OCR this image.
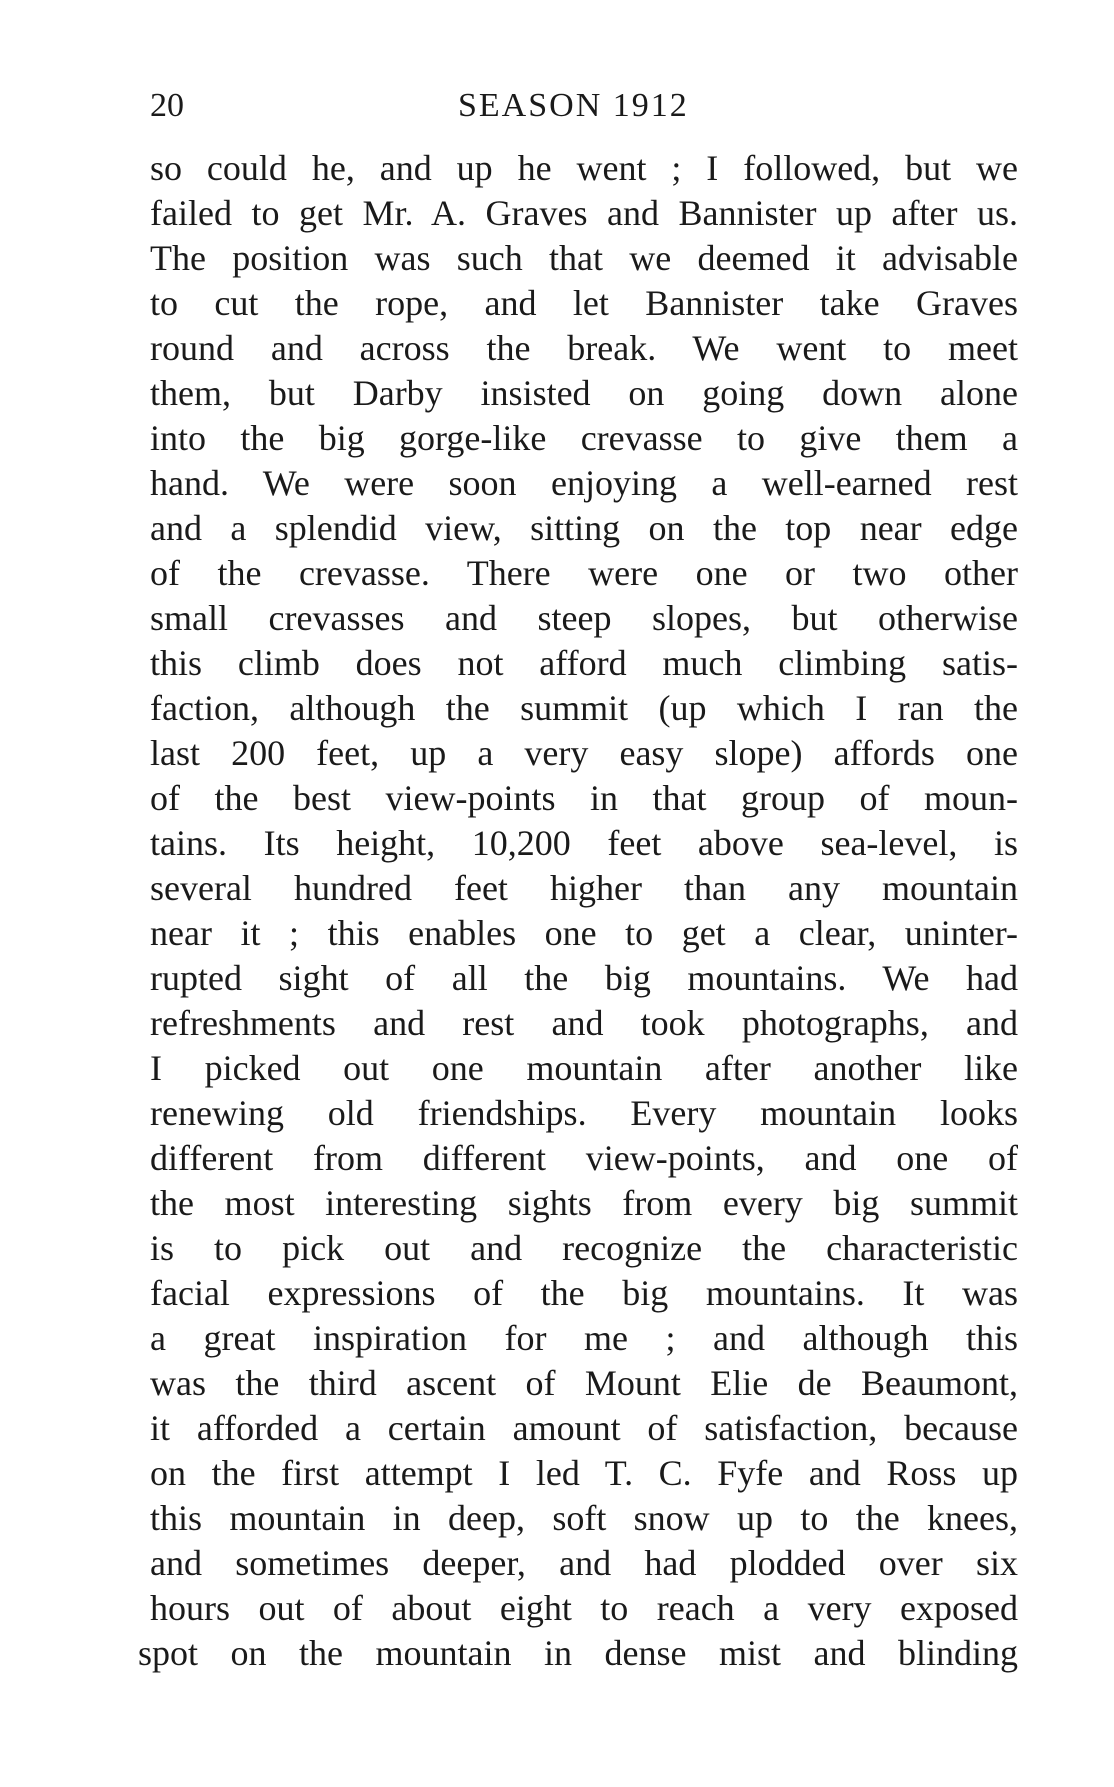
20	SEASON 1912
so could he, and up he went ; I followed, but we
failed to get Mr. A. Graves and Bannister up after us.
The position was such that we deemed it advisable
to cut the rope, and let Bannister take Graves
round and across the break. We went to meet
them, but Darby insisted on going down alone
into the big gorge-like crevasse to give them a
hand. We were soon enjoying a well-earned rest
and a splendid view, sitting on the top near edge
of the crevasse. There were one or two other
small crevasses and steep slopes, but otherwise
this climb does not afford much climbing satis-
faction, although the summit (up which I ran the
last 200 feet, up a very easy slope) affords one
of the best view-points in that group of moun-
tains. Its height, 10,200 feet above sea-level, is
several hundred feet higher than any mountain
near it ; this enables one to get a clear, uninter-
rupted sight of all the big mountains. We had
refreshments and rest and took photographs, and
I picked out one mountain after another like
renewing old friendships. Every mountain looks
different from different view-points, and one of
the most interesting sights from every big summit
is to pick out and recognize the characteristic
facial expressions of the big mountains. It was
a great inspiration for me ; and although this
was the third ascent of Mount Elie de Beaumont,
it afforded a certain amount of satisfaction, because
on the first attempt I led T. C. Fyfe and Ross up
this mountain in deep, soft snow up to the knees,
and sometimes deeper, and had plodded over six
hours out of about eight to reach a very exposed
spot on the mountain in dense mist and blinding
